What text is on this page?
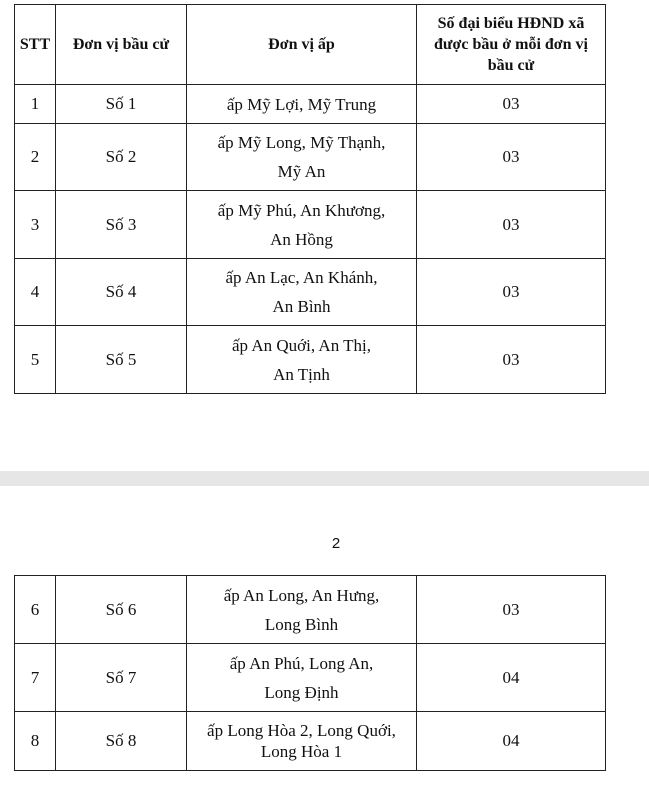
STT	Đơn vị bầu cử	Đơn vị ấp	Số đại biểu HĐND xã được bầu ở mỗi đơn vị bầu cử
1	Số 1	ấp Mỹ Lợi, Mỹ Trung	03
2	Số 2	ấp Mỹ Long, Mỹ Thạnh,
Mỹ An	03
3	Số 3	ấp Mỹ Phú, An Khương,
An Hồng	03
4	Số 4	ấp An Lạc, An Khánh,
An Bình	03
5	Số 5	ấp An Quới, An Thị,
An Tịnh	03
2
6	Số 6	ấp An Long, An Hưng,
Long Bình	03
7	Số 7	ấp An Phú, Long An,
Long Định	04
8	Số 8	ấp Long Hòa 2, Long Quới,
Long Hòa 1	04
